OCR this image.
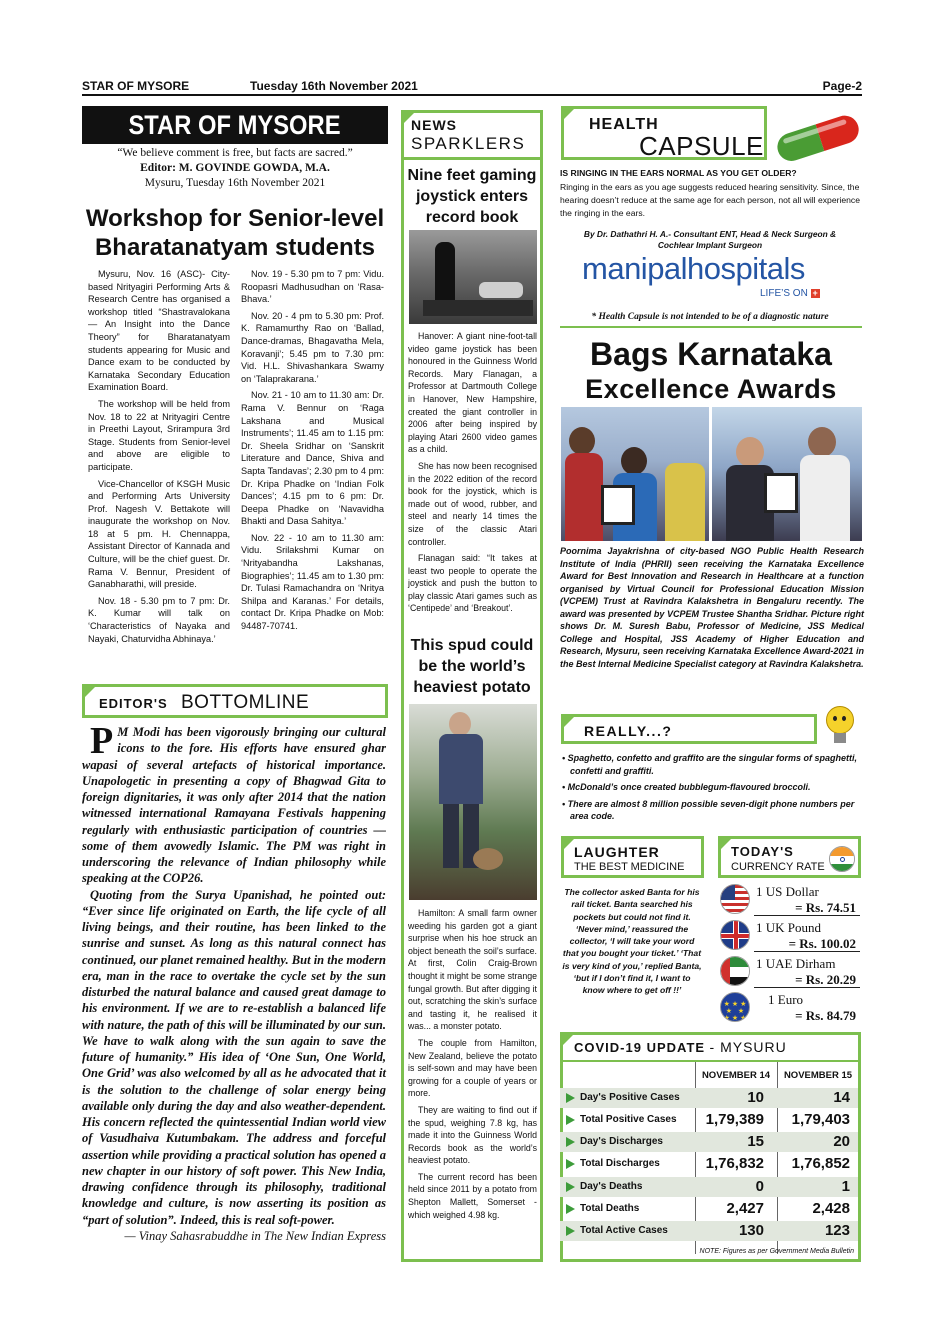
STAR OF MYSORE	Tuesday 16th November 2021	Page-2
STAR OF MYSORE
“We believe comment is free, but facts are sacred.”
Editor: M. GOVINDE GOWDA, M.A.
Mysuru, Tuesday 16th November 2021
Workshop for Senior-level Bharatanatyam students

Mysuru, Nov. 16 (ASC)- City-based Nrityagiri Performing Arts & Research Centre has organised a workshop titled “Shastravalokana — An Insight into the Dance Theory” for Bharatanatyam students appearing for Music and Dance exam to be conducted by Karnataka Secondary Education Examination Board.

The workshop will be held from Nov. 18 to 22 at Nrityagiri Centre in Preethi Layout, Srirampura 3rd Stage. Students from Senior-level and above are eligible to participate.

Vice-Chancellor of KSGH Music and Performing Arts University Prof. Nagesh V. Bettakote will inaugurate the workshop on Nov. 18 at 5 pm. H. Chennappa, Assistant Director of Kannada and Culture, will be the chief guest. Dr. Rama V. Bennur, President of Ganabharathi, will preside.

Nov. 18 - 5.30 pm to 7 pm: Dr. K. Kumar will talk on ‘Characteristics of Nayaka and Nayaki, Chaturvidha Abhinaya.’

Nov. 19 - 5.30 pm to 7 pm: Vidu. Roopasri Madhusudhan on ‘Rasa-Bhava.’

Nov. 20 - 4 pm to 5.30 pm: Prof. K. Ramamurthy Rao on ‘Ballad, Dance-dramas, Bhagavatha Mela, Koravanji’; 5.45 pm to 7.30 pm: Vid. H.L. Shivashankara Swamy on ‘Talaprakarana.’

Nov. 21 - 10 am to 11.30 am: Dr. Rama V. Bennur on ‘Raga Lakshana and Musical Instruments’; 11.45 am to 1.15 pm: Dr. Sheela Sridhar on ‘Sanskrit Literature and Dance, Shiva and Sapta Tandavas’; 2.30 pm to 4 pm: Dr. Kripa Phadke on ‘Indian Folk Dances’; 4.15 pm to 6 pm: Dr. Deepa Phadke on ‘Navavidha Bhakti and Dasa Sahitya.’

Nov. 22 - 10 am to 11.30 am: Vidu. Srilakshmi Kumar on ‘Nrityabandha Lakshanas, Biographies’; 11.45 am to 1.30 pm: Dr. Tulasi Ramachandra on ‘Nritya Shilpa and Karanas.’ For details, contact Dr. Kripa Phadke on Mob: 94487-70741.

EDITOR'S BOTTOMLINE

P M Modi has been vigorously bringing our cultural icons to the fore. His efforts have ensured ghar wapasi of several artefacts of historical importance. Unapologetic in presenting a copy of Bhagwad Gita to foreign dignitaries, it was only after 2014 that the nation witnessed international Ramayana Festivals happening regularly with enthusiastic participation of countries — some of them avowedly Islamic. The PM was right in underscoring the relevance of Indian philosophy while speaking at the COP26.

Quoting from the Surya Upanishad, he pointed out: “Ever since life originated on Earth, the life cycle of all living beings, and their routine, has been linked to the sunrise and sunset. As long as this natural connect has continued, our planet remained healthy. But in the modern era, man in the race to overtake the cycle set by the sun disturbed the natural balance and caused great damage to his environment. If we are to re-establish a balanced life with nature, the path of this will be illuminated by our sun. We have to walk along with the sun again to save the future of humanity.” His idea of ‘One Sun, One World, One Grid’ was also welcomed by all as he advocated that it is the solution to the challenge of solar energy being available only during the day and also weather-dependent. His concern reflected the quintessential Indian world view of Vasudhaiva Kutumbakam. The address and forceful assertion while providing a practical solution has opened a new chapter in our history of soft power. This New India, drawing confidence through its philosophy, traditional knowledge and culture, is now asserting its position as “part of solution”. Indeed, this is real soft-power.

— Vinay Sahasrabuddhe in The New Indian Express

NEWS
SPARKLERS
Nine feet gaming joystick enters record book

Hanover: A giant nine-foot-tall video game joystick has been honoured in the Guinness World Records. Mary Flanagan, a Professor at Dartmouth College in Hanover, New Hampshire, created the giant controller in 2006 after being inspired by playing Atari 2600 video games as a child.

She has now been recognised in the 2022 edition of the record book for the joystick, which is made out of wood, rubber, and steel and nearly 14 times the size of the classic Atari controller.

Flanagan said: “It takes at least two people to operate the joystick and push the button to play classic Atari games such as ‘Centipede’ and ‘Breakout’.

This spud could be the world’s heaviest potato

Hamilton: A small farm owner weeding his garden got a giant surprise when his hoe struck an object beneath the soil’s surface. At first, Colin Craig-Brown thought it might be some strange fungal growth. But after digging it out, scratching the skin’s surface and tasting it, he realised it was... a monster potato.

The couple from Hamilton, New Zealand, believe the potato is self-sown and may have been growing for a couple of years or more.

They are waiting to find out if the spud, weighing 7.8 kg, has made it into the Guinness World Records book as the world’s heaviest potato.

The current record has been held since 2011 by a potato from Shepton Mallett, Somerset - which weighed 4.98 kg.

HEALTH
CAPSULE
IS RINGING IN THE EARS NORMAL AS YOU GET OLDER?
Ringing in the ears as you age suggests reduced hearing sensitivity. Since, the hearing doesn’t reduce at the same age for each person, not all will experience the ringing in the ears.
By Dr. Dathathri H. A.- Consultant ENT, Head & Neck Surgeon &
Cochlear Implant Surgeon
manipalhospitals
LIFE’S ON +
* Health Capsule is not intended to be of a diagnostic nature
Bags Karnataka
Excellence Awards
Poornima Jayakrishna of city-based NGO Public Health Research Institute of India (PHRII) seen receiving the Karnataka Excellence Award for Best Innovation and Research in Healthcare at a function organised by Virtual Council for Professional Education Mission (VCPEM) Trust at Ravindra Kalakshetra in Bengaluru recently. The award was presented by VCPEM Trustee Shantha Sridhar. Picture right shows Dr. M. Suresh Babu, Professor of Medicine, JSS Medical College and Hospital, JSS Academy of Higher Education and Research, Mysuru, seen receiving Karnataka Excellence Award-2021 in the Best Internal Medicine Specialist category at Ravindra Kalakshetra.
REALLY...?
• Spaghetto, confetto and graffito are the singular forms of spaghetti, confetti and graffiti.
• McDonald’s once created bubblegum-flavoured broccoli.
• There are almost 8 million possible seven-digit phone numbers per area code.
LAUGHTER
THE BEST MEDICINE
The collector asked Banta for his rail ticket. Banta searched his pockets but could not find it. ‘Never mind,’ reassured the collector, ‘I will take your word that you bought your ticket.’ ‘That is very kind of you,’ replied Banta, ‘but if I don’t find it, I want to know where to get off !!’
TODAY'S
CURRENCY RATE
1 US Dollar
= Rs. 74.51
1 UK Pound
= Rs. 100.02
1 UAE Dirham
= Rs. 20.29
★ ★ ★
★   ★
★ ★ ★
1 Euro
= Rs. 84.79
COVID-19 UPDATE - MYSURU
NOVEMBER 14	NOVEMBER 15
Day's Positive Cases	10	14
Total Positive Cases	1,79,389	1,79,403
Day's Discharges	15	20
Total Discharges	1,76,832	1,76,852
Day's Deaths	0	1
Total Deaths	2,427	2,428
Total Active Cases	130	123
NOTE: Figures as per Government Media Bulletin
